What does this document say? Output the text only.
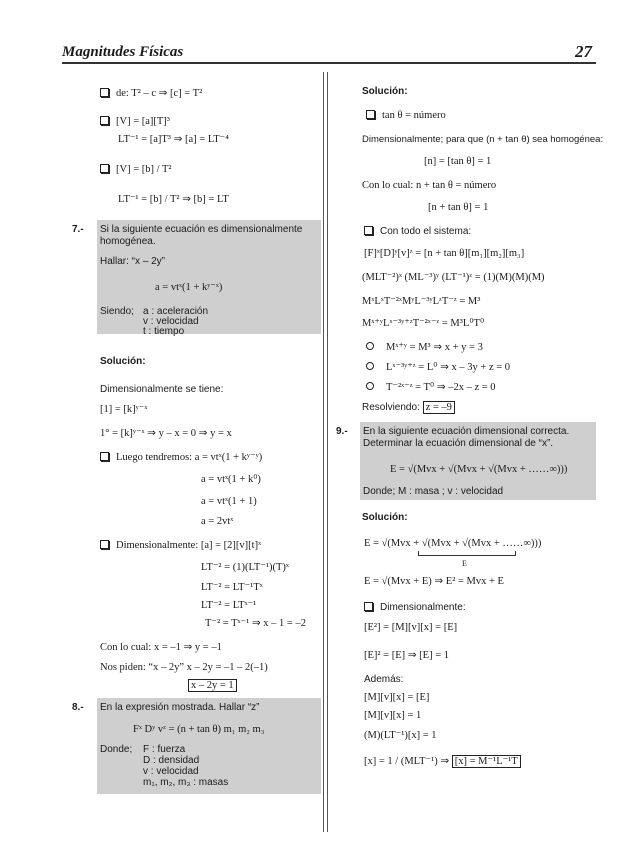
Magnitudes Físicas	27
de: T² – c ⇒ [c] = T²
[V] = [a][T]³
LT⁻¹ = [a]T³ ⇒ [a] = LT⁻⁴
[V] = [b] / T²
LT⁻¹ = [b] / T² ⇒ [b] = LT
7.- Si la siguiente ecuación es dimensionalmente homogénea.
Hallar: “x – 2y”
a = vtˣ(1 + kʸ⁻ˣ)
Siendo; a : aceleración
v : velocidad
t : tiempo
Solución:
Dimensionalmente se tiene:
[1] = [k]ʸ⁻ˣ
1° = [k]ʸ⁻ˣ ⇒ y – x = 0 ⇒ y = x
Luego tendremos: a = vtˣ(1 + kʸ⁻ʸ)
a = vtˣ(1 + k⁰)
a = vtˣ(1 + 1)
a = 2vtˣ
Dimensionalmente: [a] = [2][v][t]ˣ
LT⁻² = (1)(LT⁻¹)(T)ˣ
LT⁻² = LT⁻¹Tˣ
LT⁻² = LTˣ⁻¹
T⁻² = Tˣ⁻¹ ⇒ x – 1 = –2
Con lo cual: x = –1 ⇒ y = –1
Nos piden: “x – 2y” x – 2y = –1 – 2(–1)
x – 2y = 1
8.- En la expresión mostrada. Hallar “z”
Fˣ Dʸ vᶻ = (n + tan θ) m₁ m₂ m₃
Donde; F : fuerza
D : densidad
v : velocidad
m₁, m₂, m₃ : masas
Solución:
tan θ = número
Dimensionalmente; para que (n + tan θ) sea homogénea:
[n] = [tan θ] = 1
Con lo cual: n + tan θ = número
[n + tan θ] = 1
Con todo el sistema:
[F]ˣ[D]ʸ[v]ᶻ = [n + tan θ][m₁][m₂][m₃]
(MLT⁻²)ˣ (ML⁻³)ʸ (LT⁻¹)ᶻ = (1)(M)(M)(M)
MˣLˣT⁻²ˣMʸL⁻³ʸLᶻT⁻ᶻ = M³
Mˣ⁺ʸLˣ⁻³ʸ⁺ᶻT⁻²ˣ⁻ᶻ = M³L⁰T⁰
Mˣ⁺ʸ = M³ ⇒ x + y = 3
Lˣ⁻³ʸ⁺ᶻ = L⁰ ⇒ x – 3y + z = 0
T⁻²ˣ⁻ᶻ = T⁰ ⇒ –2x – z = 0
Resolviendo: z = –9
9.- En la siguiente ecuación dimensional correcta. Determinar la ecuación dimensional de “x”.
E = √(Mvx + √(Mvx + √(Mvx + ……∞)))
Donde; M : masa ; v : velocidad
Solución:
E = √(Mvx + √(Mvx + √(Mvx + ……∞)))
E
E = √(Mvx + E) ⇒ E² = Mvx + E
Dimensionalmente:
[E²] = [M][v][x] = [E]
[E]² = [E] ⇒ [E] = 1
Además:
[M][v][x] = [E]
[M][v][x] = 1
(M)(LT⁻¹)[x] = 1
[x] = 1 / (MLT⁻¹) ⇒ [x] = M⁻¹L⁻¹T
